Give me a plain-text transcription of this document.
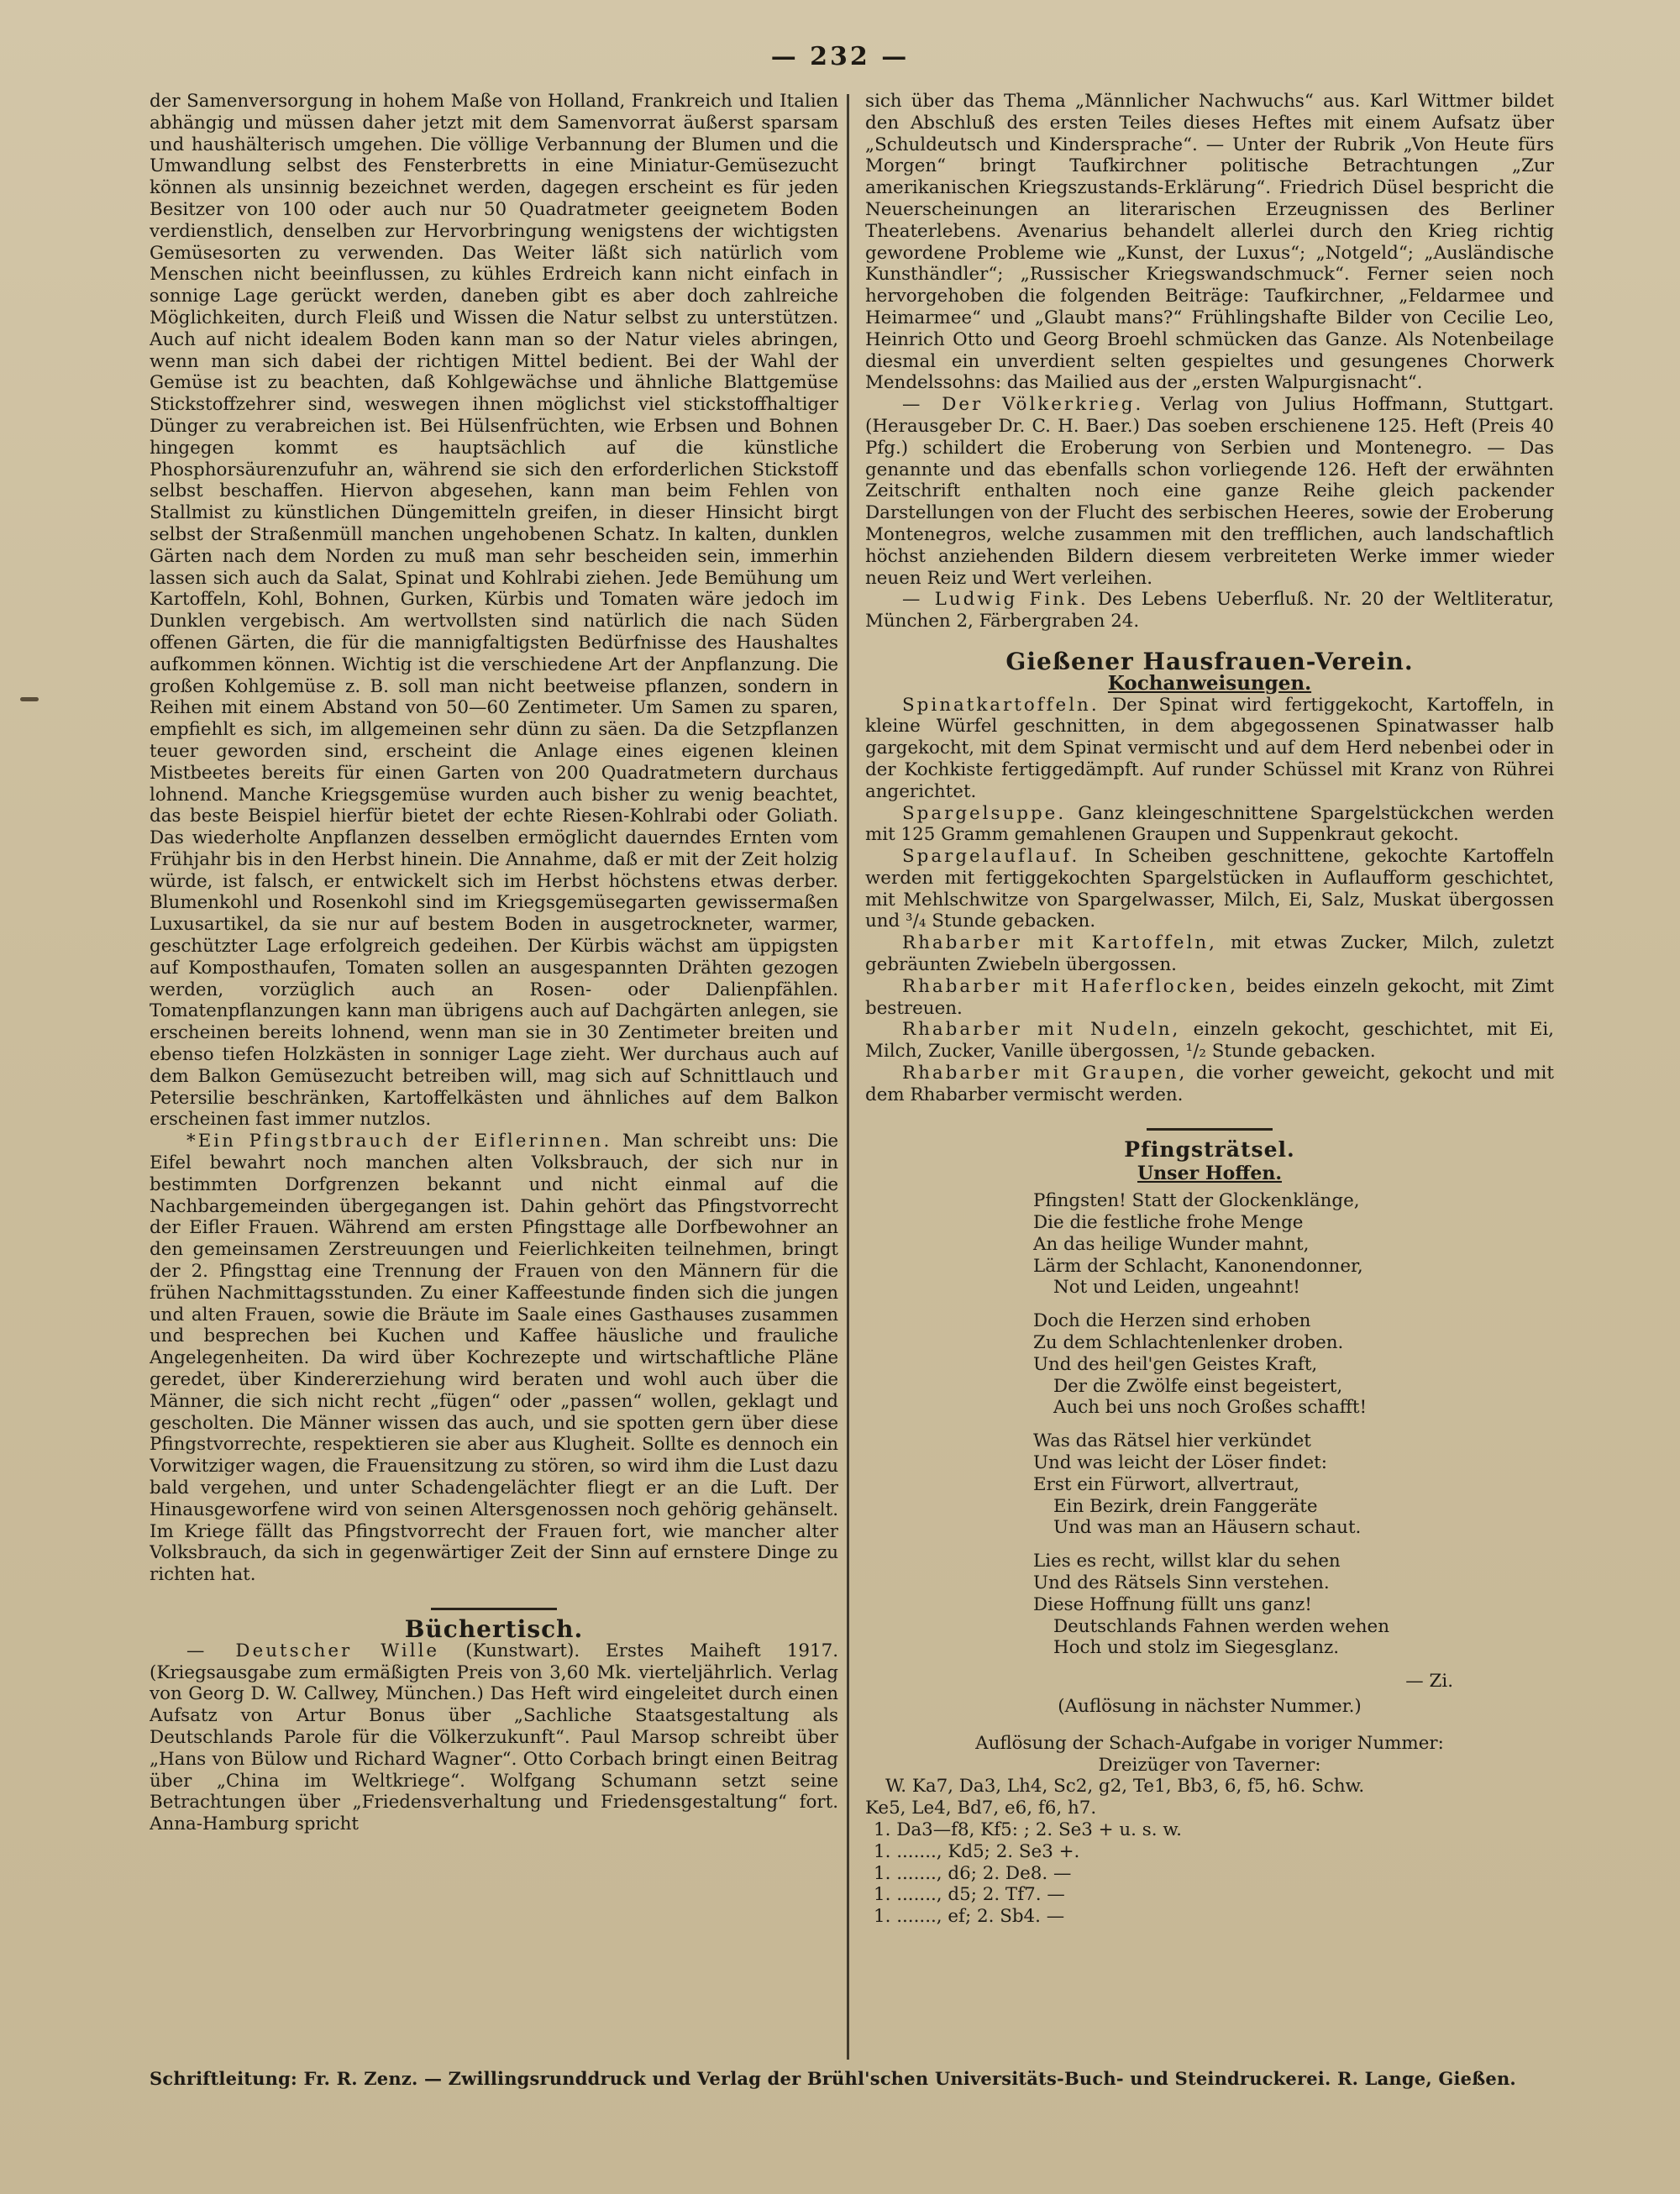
— 232 —

der Samenversorgung in hohem Maße von Holland, Frankreich und Italien abhängig und müssen daher jetzt mit dem Samenvorrat äußerst sparsam und haushälterisch umgehen. Die völlige Verbannung der Blumen und die Umwandlung selbst des Fensterbretts in eine Miniatur-Gemüsezucht können als unsinnig bezeichnet werden, dagegen erscheint es für jeden Besitzer von 100 oder auch nur 50 Quadratmeter geeignetem Boden verdienstlich, denselben zur Hervorbringung wenigstens der wichtigsten Gemüsesorten zu verwenden. Das Weiter läßt sich natürlich vom Menschen nicht beeinflussen, zu kühles Erdreich kann nicht einfach in sonnige Lage gerückt werden, daneben gibt es aber doch zahlreiche Möglichkeiten, durch Fleiß und Wissen die Natur selbst zu unterstützen. Auch auf nicht idealem Boden kann man so der Natur vieles abringen, wenn man sich dabei der richtigen Mittel bedient. Bei der Wahl der Gemüse ist zu beachten, daß Kohlgewächse und ähnliche Blattgemüse Stickstoffzehrer sind, weswegen ihnen möglichst viel stickstoffhaltiger Dünger zu verabreichen ist. Bei Hülsenfrüchten, wie Erbsen und Bohnen hingegen kommt es hauptsächlich auf die künstliche Phosphorsäurenzufuhr an, während sie sich den erforderlichen Stickstoff selbst beschaffen. Hiervon abgesehen, kann man beim Fehlen von Stallmist zu künstlichen Düngemitteln greifen, in dieser Hinsicht birgt selbst der Straßenmüll manchen ungehobenen Schatz. In kalten, dunklen Gärten nach dem Norden zu muß man sehr bescheiden sein, immerhin lassen sich auch da Salat, Spinat und Kohlrabi ziehen. Jede Bemühung um Kartoffeln, Kohl, Bohnen, Gurken, Kürbis und Tomaten wäre jedoch im Dunklen vergebisch. Am wertvollsten sind natürlich die nach Süden offenen Gärten, die für die mannigfaltigsten Bedürfnisse des Haushaltes aufkommen können. Wichtig ist die verschiedene Art der Anpflanzung. Die großen Kohlgemüse z. B. soll man nicht beetweise pflanzen, sondern in Reihen mit einem Abstand von 50—60 Zentimeter. Um Samen zu sparen, empfiehlt es sich, im allgemeinen sehr dünn zu säen. Da die Setzpflanzen teuer geworden sind, erscheint die Anlage eines eigenen kleinen Mistbeetes bereits für einen Garten von 200 Quadratmetern durchaus lohnend. Manche Kriegsgemüse wurden auch bisher zu wenig beachtet, das beste Beispiel hierfür bietet der echte Riesen-Kohlrabi oder Goliath. Das wiederholte Anpflanzen desselben ermöglicht dauerndes Ernten vom Frühjahr bis in den Herbst hinein. Die Annahme, daß er mit der Zeit holzig würde, ist falsch, er entwickelt sich im Herbst höchstens etwas derber. Blumenkohl und Rosenkohl sind im Kriegsgemüsegarten gewissermaßen Luxusartikel, da sie nur auf bestem Boden in ausgetrockneter, warmer, geschützter Lage erfolgreich gedeihen. Der Kürbis wächst am üppigsten auf Komposthaufen, Tomaten sollen an ausgespannten Drähten gezogen werden, vorzüglich auch an Rosen- oder Dalienpfählen. Tomatenpflanzungen kann man übrigens auch auf Dachgärten anlegen, sie erscheinen bereits lohnend, wenn man sie in 30 Zentimeter breiten und ebenso tiefen Holzkästen in sonniger Lage zieht. Wer durchaus auch auf dem Balkon Gemüsezucht betreiben will, mag sich auf Schnittlauch und Petersilie beschränken, Kartoffelkästen und ähnliches auf dem Balkon erscheinen fast immer nutzlos.

*Ein Pfingstbrauch der Eiflerinnen. Man schreibt uns: Die Eifel bewahrt noch manchen alten Volksbrauch, der sich nur in bestimmten Dorfgrenzen bekannt und nicht einmal auf die Nachbargemeinden übergegangen ist. Dahin gehört das Pfingstvorrecht der Eifler Frauen. Während am ersten Pfingsttage alle Dorfbewohner an den gemeinsamen Zerstreuungen und Feierlichkeiten teilnehmen, bringt der 2. Pfingsttag eine Trennung der Frauen von den Männern für die frühen Nachmittagsstunden. Zu einer Kaffeestunde finden sich die jungen und alten Frauen, sowie die Bräute im Saale eines Gasthauses zusammen und besprechen bei Kuchen und Kaffee häusliche und frauliche Angelegenheiten. Da wird über Kochrezepte und wirtschaftliche Pläne geredet, über Kindererziehung wird beraten und wohl auch über die Männer, die sich nicht recht „fügen“ oder „passen“ wollen, geklagt und gescholten. Die Männer wissen das auch, und sie spotten gern über diese Pfingstvorrechte, respektieren sie aber aus Klugheit. Sollte es dennoch ein Vorwitziger wagen, die Frauensitzung zu stören, so wird ihm die Lust dazu bald vergehen, und unter Schadengelächter fliegt er an die Luft. Der Hinausgeworfene wird von seinen Altersgenossen noch gehörig gehänselt. Im Kriege fällt das Pfingstvorrecht der Frauen fort, wie mancher alter Volksbrauch, da sich in gegenwärtiger Zeit der Sinn auf ernstere Dinge zu richten hat.

Büchertisch.

— Deutscher Wille (Kunstwart). Erstes Maiheft 1917. (Kriegsausgabe zum ermäßigten Preis von 3,60 Mk. vierteljährlich. Verlag von Georg D. W. Callwey, München.) Das Heft wird eingeleitet durch einen Aufsatz von Artur Bonus über „Sachliche Staatsgestaltung als Deutschlands Parole für die Völkerzukunft“. Paul Marsop schreibt über „Hans von Bülow und Richard Wagner“. Otto Corbach bringt einen Beitrag über „China im Weltkriege“. Wolfgang Schumann setzt seine Betrachtungen über „Friedensverhaltung und Friedensgestaltung“ fort. Anna-Hamburg spricht

sich über das Thema „Männlicher Nachwuchs“ aus. Karl Wittmer bildet den Abschluß des ersten Teiles dieses Heftes mit einem Aufsatz über „Schuldeutsch und Kindersprache“. — Unter der Rubrik „Von Heute fürs Morgen“ bringt Taufkirchner politische Betrachtungen „Zur amerikanischen Kriegszustands-Erklärung“. Friedrich Düsel bespricht die Neuerscheinungen an literarischen Erzeugnissen des Berliner Theaterlebens. Avenarius behandelt allerlei durch den Krieg richtig gewordene Probleme wie „Kunst, der Luxus“; „Notgeld“; „Ausländische Kunsthändler“; „Russischer Kriegswandschmuck“. Ferner seien noch hervorgehoben die folgenden Beiträge: Taufkirchner, „Feldarmee und Heimarmee“ und „Glaubt mans?“ Frühlingshafte Bilder von Cecilie Leo, Heinrich Otto und Georg Broehl schmücken das Ganze. Als Notenbeilage diesmal ein unverdient selten gespieltes und gesungenes Chorwerk Mendelssohns: das Mailied aus der „ersten Walpurgisnacht“.

— Der Völkerkrieg. Verlag von Julius Hoffmann, Stuttgart. (Herausgeber Dr. C. H. Baer.) Das soeben erschienene 125. Heft (Preis 40 Pfg.) schildert die Eroberung von Serbien und Montenegro. — Das genannte und das ebenfalls schon vorliegende 126. Heft der erwähnten Zeitschrift enthalten noch eine ganze Reihe gleich packender Darstellungen von der Flucht des serbischen Heeres, sowie der Eroberung Montenegros, welche zusammen mit den trefflichen, auch landschaftlich höchst anziehenden Bildern diesem verbreiteten Werke immer wieder neuen Reiz und Wert verleihen.

— Ludwig Fink. Des Lebens Ueberfluß. Nr. 20 der Weltliteratur, München 2, Färbergraben 24.

Gießener Hausfrauen-Verein.

Kochanweisungen.

Spinatkartoffeln. Der Spinat wird fertiggekocht, Kartoffeln, in kleine Würfel geschnitten, in dem abgegossenen Spinatwasser halb gargekocht, mit dem Spinat vermischt und auf dem Herd nebenbei oder in der Kochkiste fertiggedämpft. Auf runder Schüssel mit Kranz von Rührei angerichtet.

Spargelsuppe. Ganz kleingeschnittene Spargelstückchen werden mit 125 Gramm gemahlenen Graupen und Suppenkraut gekocht.

Spargelauflauf. In Scheiben geschnittene, gekochte Kartoffeln werden mit fertiggekochten Spargelstücken in Auflaufform geschichtet, mit Mehlschwitze von Spargelwasser, Milch, Ei, Salz, Muskat übergossen und ³/₄ Stunde gebacken.

Rhabarber mit Kartoffeln, mit etwas Zucker, Milch, zuletzt gebräunten Zwiebeln übergossen.

Rhabarber mit Haferflocken, beides einzeln gekocht, mit Zimt bestreuen.

Rhabarber mit Nudeln, einzeln gekocht, geschichtet, mit Ei, Milch, Zucker, Vanille übergossen, ¹/₂ Stunde gebacken.

Rhabarber mit Graupen, die vorher geweicht, gekocht und mit dem Rhabarber vermischt werden.

Pfingsträtsel.

Unser Hoffen.

Pfingsten! Statt der Glockenklänge,
Die die festliche frohe Menge
An das heilige Wunder mahnt,
Lärm der Schlacht, Kanonendonner,
Not und Leiden, ungeahnt!
Doch die Herzen sind erhoben
Zu dem Schlachtenlenker droben.
Und des heil'gen Geistes Kraft,
Der die Zwölfe einst begeistert,
Auch bei uns noch Großes schafft!
Was das Rätsel hier verkündet
Und was leicht der Löser findet:
Erst ein Fürwort, allvertraut,
Ein Bezirk, drein Fanggeräte
Und was man an Häusern schaut.
Lies es recht, willst klar du sehen
Und des Rätsels Sinn verstehen.
Diese Hoffnung füllt uns ganz!
Deutschlands Fahnen werden wehen
Hoch und stolz im Siegesglanz.

— Zi.

(Auflösung in nächster Nummer.)

Auflösung der Schach-Aufgabe in voriger Nummer:

Dreizüger von Taverner:

W. Ka7, Da3, Lh4, Sc2, g2, Te1, Bb3, 6, f5, h6. Schw.
Ke5, Le4, Bd7, e6, f6, h7.
1. Da3—f8, Kf5: ; 2. Se3 + u. s. w.
1. ......., Kd5; 2. Se3 +.
1. ......., d6; 2. De8. —
1. ......., d5; 2. Tf7. —
1. ......., ef; 2. Sb4. —

Schriftleitung: Fr. R. Zenz. — Zwillingsrunddruck und Verlag der Brühl'schen Universitäts-Buch- und Steindruckerei. R. Lange, Gießen.
